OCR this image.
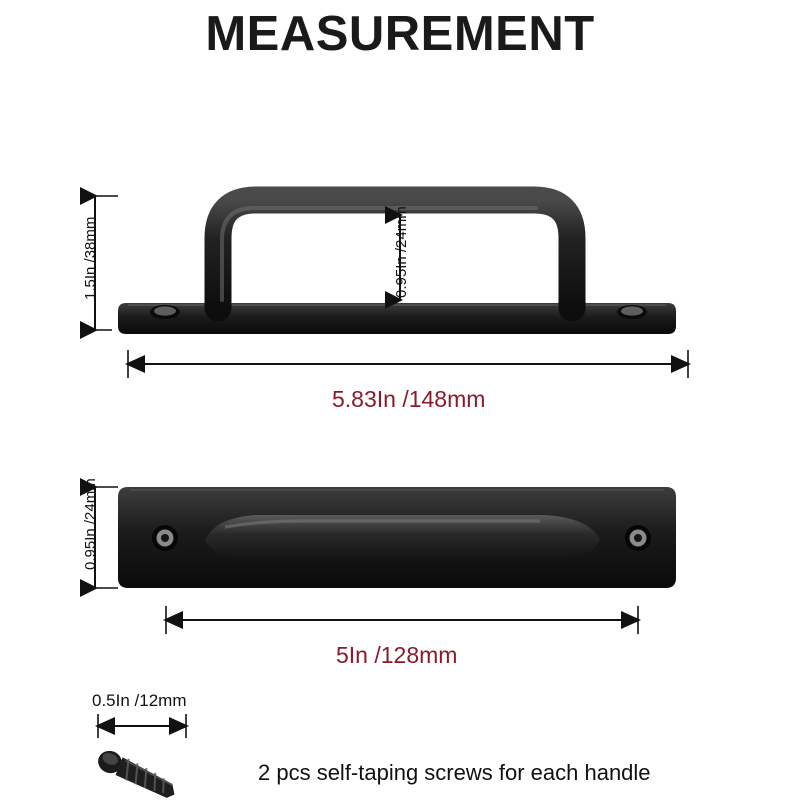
MEASUREMENT
1.5In /38mm	0.95In /24mm
5.83In /148mm
0.95In /24mm
5In /128mm
0.5In /12mm
2 pcs self-taping screws for each handle
